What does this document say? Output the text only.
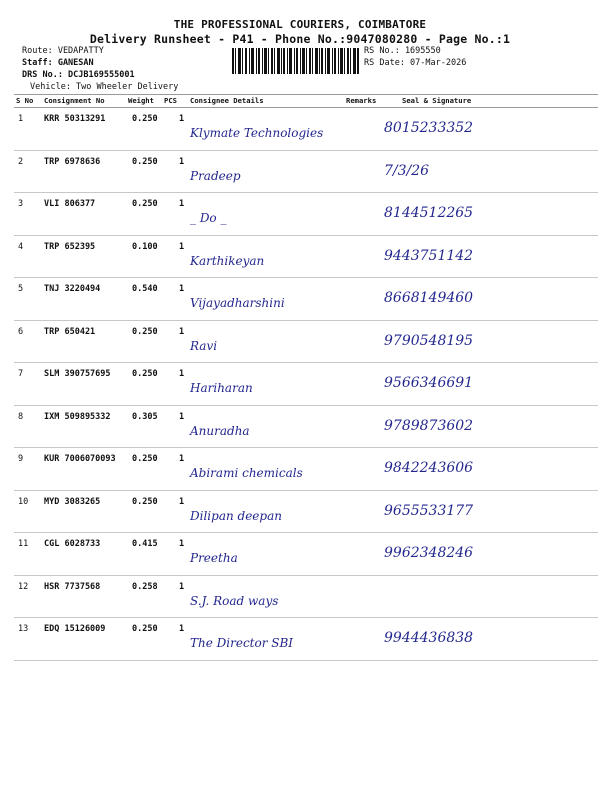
THE PROFESSIONAL COURIERS, COIMBATORE
Delivery Runsheet - P41 - Phone No.:9047080280 - Page No.:1
Route: VEDAPATTY
Staff: GANESAN
DRS No.: DCJB169555001
Vehicle: Two Wheeler Delivery
RS No.: 1695550
RS Date: 07-Mar-2026
S No Consignment No	Weight PCS Consignee Details	Remarks	Seal & Signature
1 KRR 50313291	0.250	1
Klymate Technologies	8015233352
2 TRP 6978636	0.250	1
Pradeep	7/3/26
3 VLI 806377	0.250	1
_ Do _	8144512265
4 TRP 652395	0.100	1
Karthikeyan	9443751142
5 TNJ 3220494	0.540	1
Vijayadharshini	8668149460
6 TRP 650421	0.250	1
Ravi	9790548195
7 SLM 390757695	0.250	1
Hariharan	9566346691
8 IXM 509895332	0.305	1
Anuradha	9789873602
9 KUR 7006070093 0.250	1
Abirami chemicals	9842243606
10 MYD 3083265	0.250	1
Dilipan deepan	9655533177
11 CGL 6028733	0.415	1
Preetha	9962348246
12 HSR 7737568	0.258	1
S.J. Road ways
13 EDQ 15126009	0.250	1
The Director SBI	9944436838
